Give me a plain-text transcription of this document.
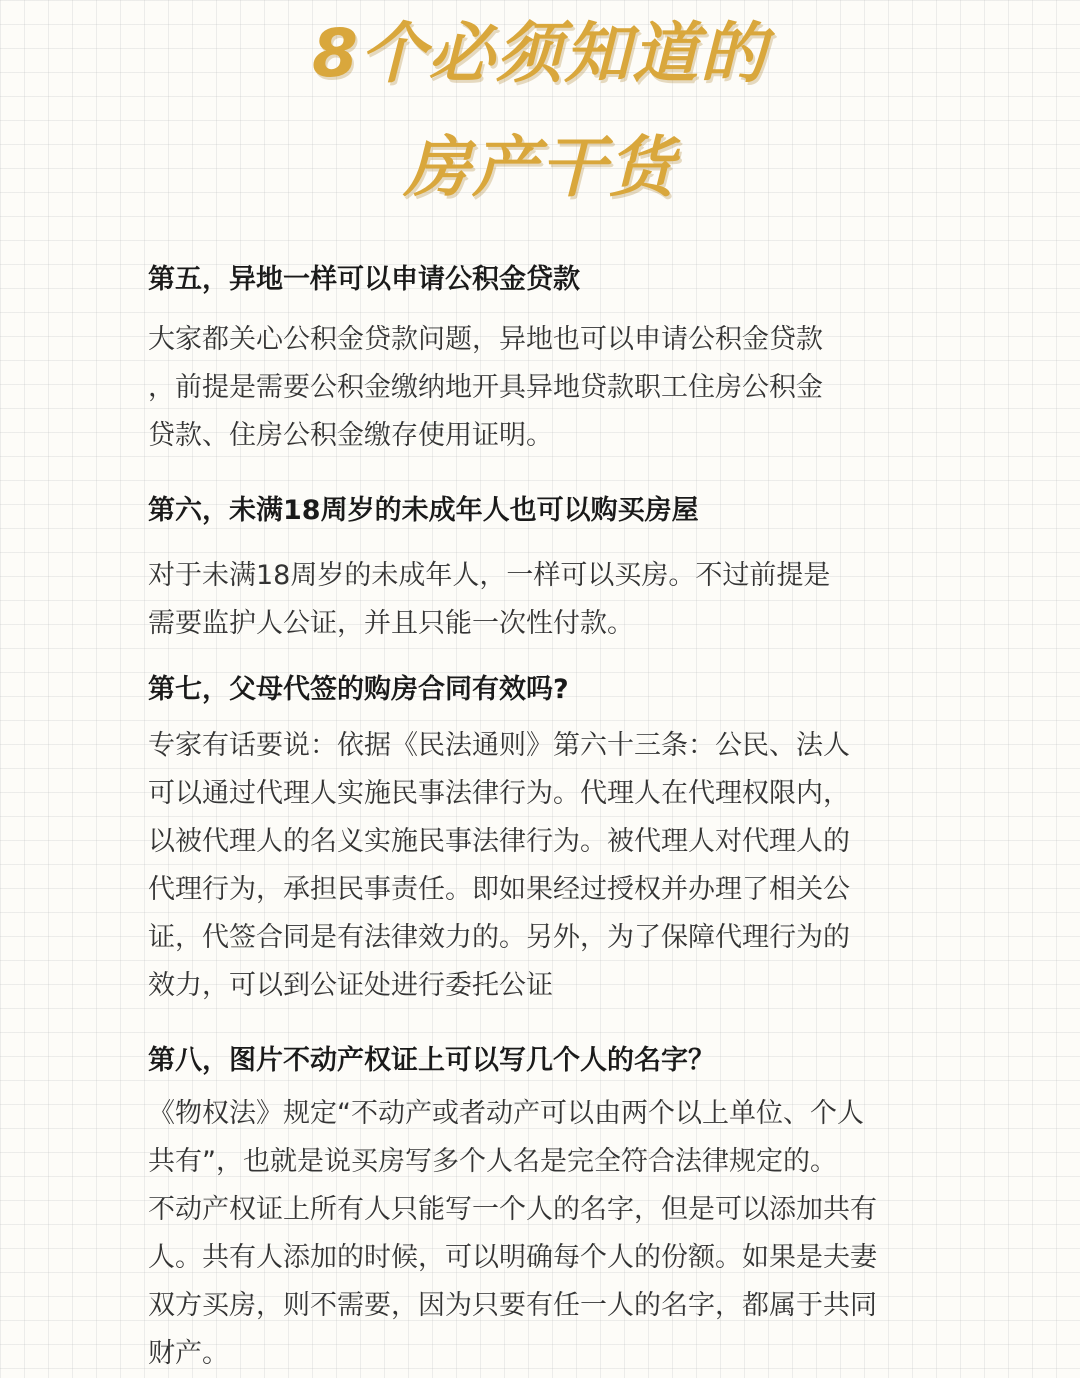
8个必须知道的
房产干货
第五，异地一样可以申请公积金贷款
大家都关心公积金贷款问题，异地也可以申请公积金贷款
，前提是需要公积金缴纳地开具异地贷款职工住房公积金
贷款、住房公积金缴存使用证明。
第六，未满18周岁的未成年人也可以购买房屋
对于未满18周岁的未成年人，一样可以买房。不过前提是
需要监护人公证，并且只能一次性付款。
第七，父母代签的购房合同有效吗?
专家有话要说：依据《民法通则》第六十三条：公民、法人
可以通过代理人实施民事法律行为。代理人在代理权限内，
以被代理人的名义实施民事法律行为。被代理人对代理人的
代理行为，承担民事责任。即如果经过授权并办理了相关公
证，代签合同是有法律效力的。另外，为了保障代理行为的
效力，可以到公证处进行委托公证
第八，图片不动产权证上可以写几个人的名字？
《物权法》规定“不动产或者动产可以由两个以上单位、个人
共有”，也就是说买房写多个人名是完全符合法律规定的。
不动产权证上所有人只能写一个人的名字，但是可以添加共有
人。共有人添加的时候，可以明确每个人的份额。如果是夫妻
双方买房，则不需要，因为只要有任一人的名字，都属于共同
财产。
